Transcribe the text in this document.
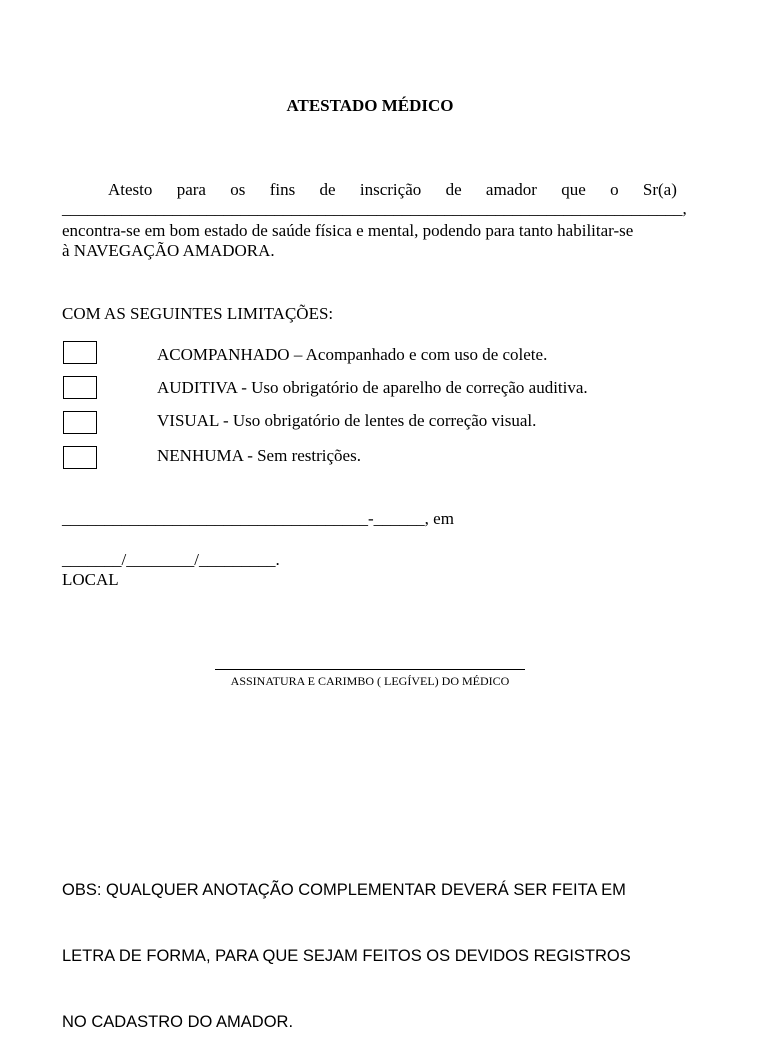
ATESTADO MÉDICO
Atesto para os fins de inscrição de amador que o Sr(a)

_________________________________________________________________________,

encontra-se em bom estado de saúde física e mental, podendo para tanto habilitar-se

à NAVEGAÇÃO AMADORA.

COM AS SEGUINTES LIMITAÇÕES:

ACOMPANHADO – Acompanhado e com uso de colete.

AUDITIVA - Uso obrigatório de aparelho de correção auditiva.

VISUAL - Uso obrigatório de lentes de correção visual.

NENHUMA - Sem restrições.

____________________________________-______, em

_______/________/_________.

LOCAL

ASSINATURA E CARIMBO ( LEGÍVEL) DO MÉDICO

OBS: QUALQUER ANOTAÇÃO COMPLEMENTAR DEVERÁ SER FEITA EM

LETRA DE FORMA, PARA QUE SEJAM FEITOS OS DEVIDOS REGISTROS

NO CADASTRO DO AMADOR.
